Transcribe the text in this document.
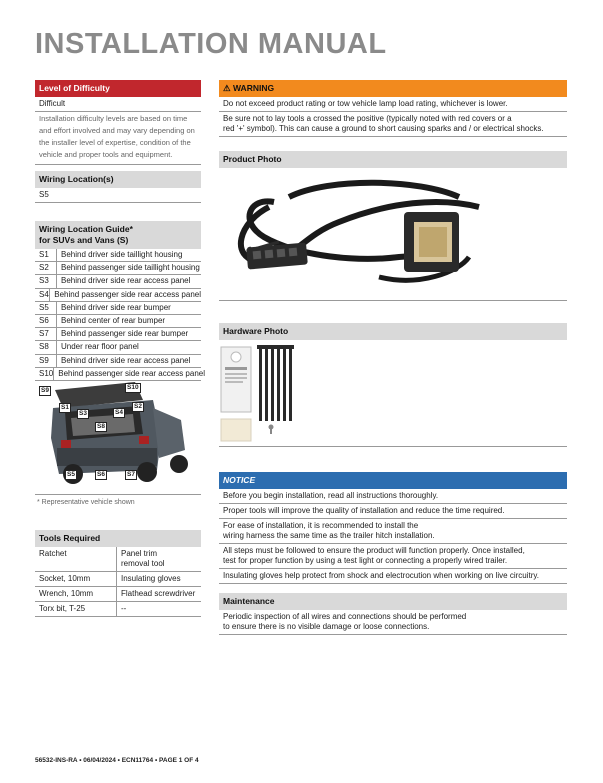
INSTALLATION MANUAL
Level of Difficulty
Difficult
Installation difficulty levels are based on time
and effort involved and may vary depending on
the installer level of expertise, condition of the
vehicle and proper tools and equipment.
Wiring Location(s)
S5
Wiring Location Guide*
for SUVs and Vans (S)
S1	Behind driver side taillight housing
S2	Behind passenger side taillight housing
S3	Behind driver side rear access panel
S4 Behind passenger side rear access panel
S5	Behind driver side rear bumper
S6	Behind center of rear bumper
S7	Behind passenger side rear bumper
S8	Under rear floor panel
S9	Behind driver side rear access panel
S10 Behind passenger side rear access panel
S9	S10
S1
S3	S4
S2
S8
S5	S6	S7
* Representative vehicle shown
Tools Required
Ratchet	Panel trim
removal tool
Socket, 10mm	Insulating gloves
Wrench, 10mm	Flathead screwdriver
Torx bit, T-25	--
⚠ WARNING
Do not exceed product rating or tow vehicle lamp load rating, whichever is lower.
Be sure not to lay tools a crossed the positive (typically noted with red covers or a
red '+' symbol). This can cause a ground to short causing sparks and / or electrical shocks.
Product Photo
Hardware Photo
NOTICE
Before you begin installation, read all instructions thoroughly.
Proper tools will improve the quality of installation and reduce the time required.
For ease of installation, it is recommended to install the
wiring harness the same time as the trailer hitch installation.
All steps must be followed to ensure the product will function properly. Once installed,
test for proper function by using a test light or connecting a properly wired trailer.
Insulating gloves help protect from shock and electrocution when working on live circuitry.
Maintenance
Periodic inspection of all wires and connections should be performed
to ensure there is no visible damage or loose connections.
56532-INS-RA • 06/04/2024 • ECN11764 • PAGE 1 OF 4
